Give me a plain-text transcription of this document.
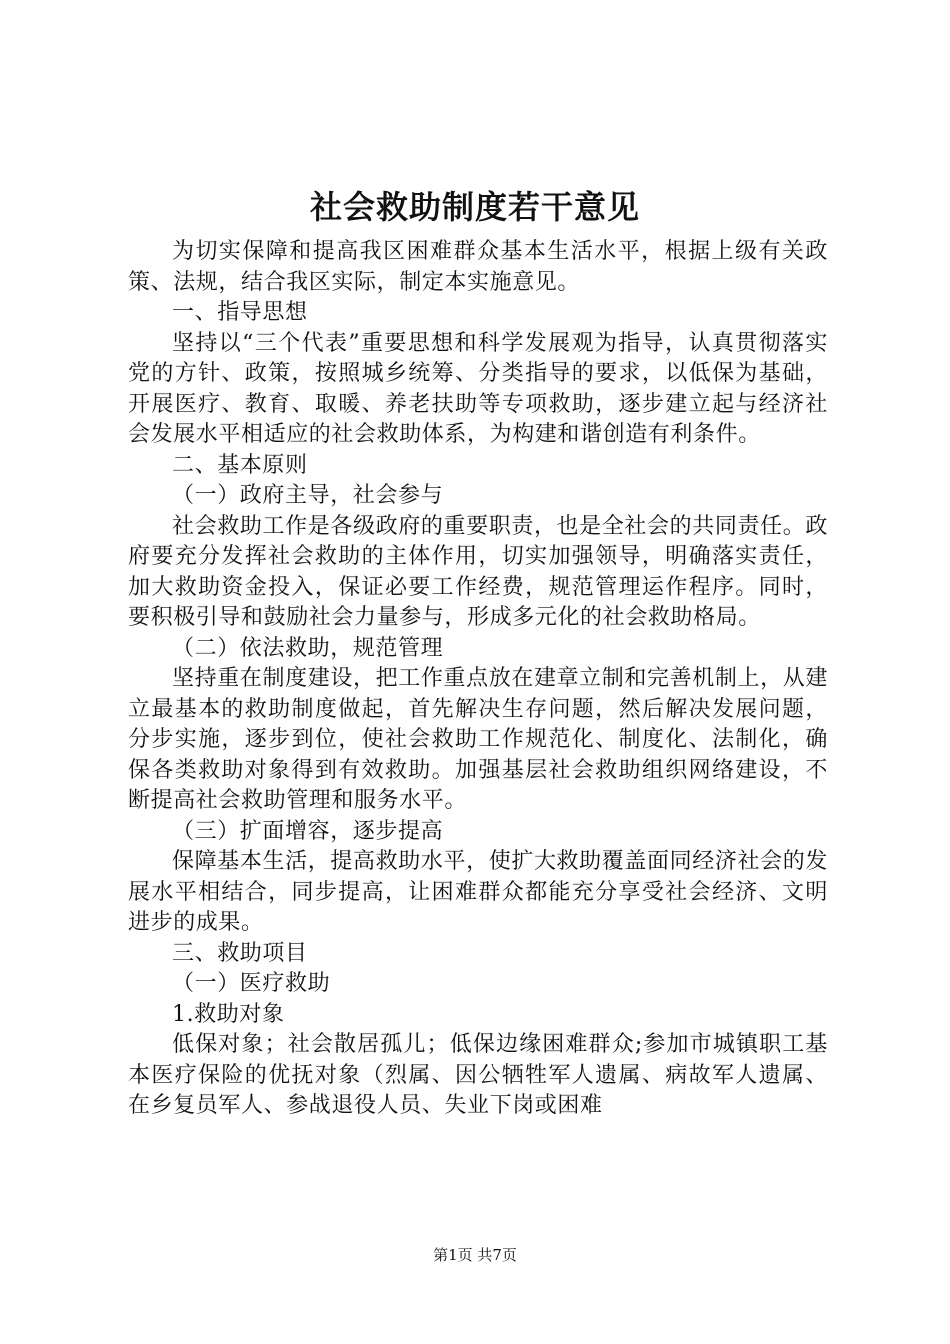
社会救助制度若干意见

为切实保障和提高我区困难群众基本生活水平，根据上级有关政策、法规，结合我区实际，制定本实施意见。

一、指导思想

坚持以“三个代表”重要思想和科学发展观为指导，认真贯彻落实党的方针、政策，按照城乡统筹、分类指导的要求，以低保为基础，开展医疗、教育、取暖、养老扶助等专项救助，逐步建立起与经济社会发展水平相适应的社会救助体系，为构建和谐创造有利条件。

二、基本原则

（一）政府主导，社会参与

社会救助工作是各级政府的重要职责，也是全社会的共同责任。政府要充分发挥社会救助的主体作用，切实加强领导，明确落实责任，加大救助资金投入，保证必要工作经费，规范管理运作程序。同时，要积极引导和鼓励社会力量参与，形成多元化的社会救助格局。

（二）依法救助，规范管理

坚持重在制度建设，把工作重点放在建章立制和完善机制上，从建立最基本的救助制度做起，首先解决生存问题，然后解决发展问题，分步实施，逐步到位，使社会救助工作规范化、制度化、法制化，确保各类救助对象得到有效救助。加强基层社会救助组织网络建设，不断提高社会救助管理和服务水平。

（三）扩面增容，逐步提高

保障基本生活，提高救助水平，使扩大救助覆盖面同经济社会的发展水平相结合，同步提高，让困难群众都能充分享受社会经济、文明进步的成果。

三、救助项目

（一）医疗救助

1.救助对象

低保对象；社会散居孤儿；低保边缘困难群众;参加市城镇职工基本医疗保险的优抚对象（烈属、因公牺牲军人遗属、病故军人遗属、在乡复员军人、参战退役人员、失业下岗或困难

第1页 共7页
